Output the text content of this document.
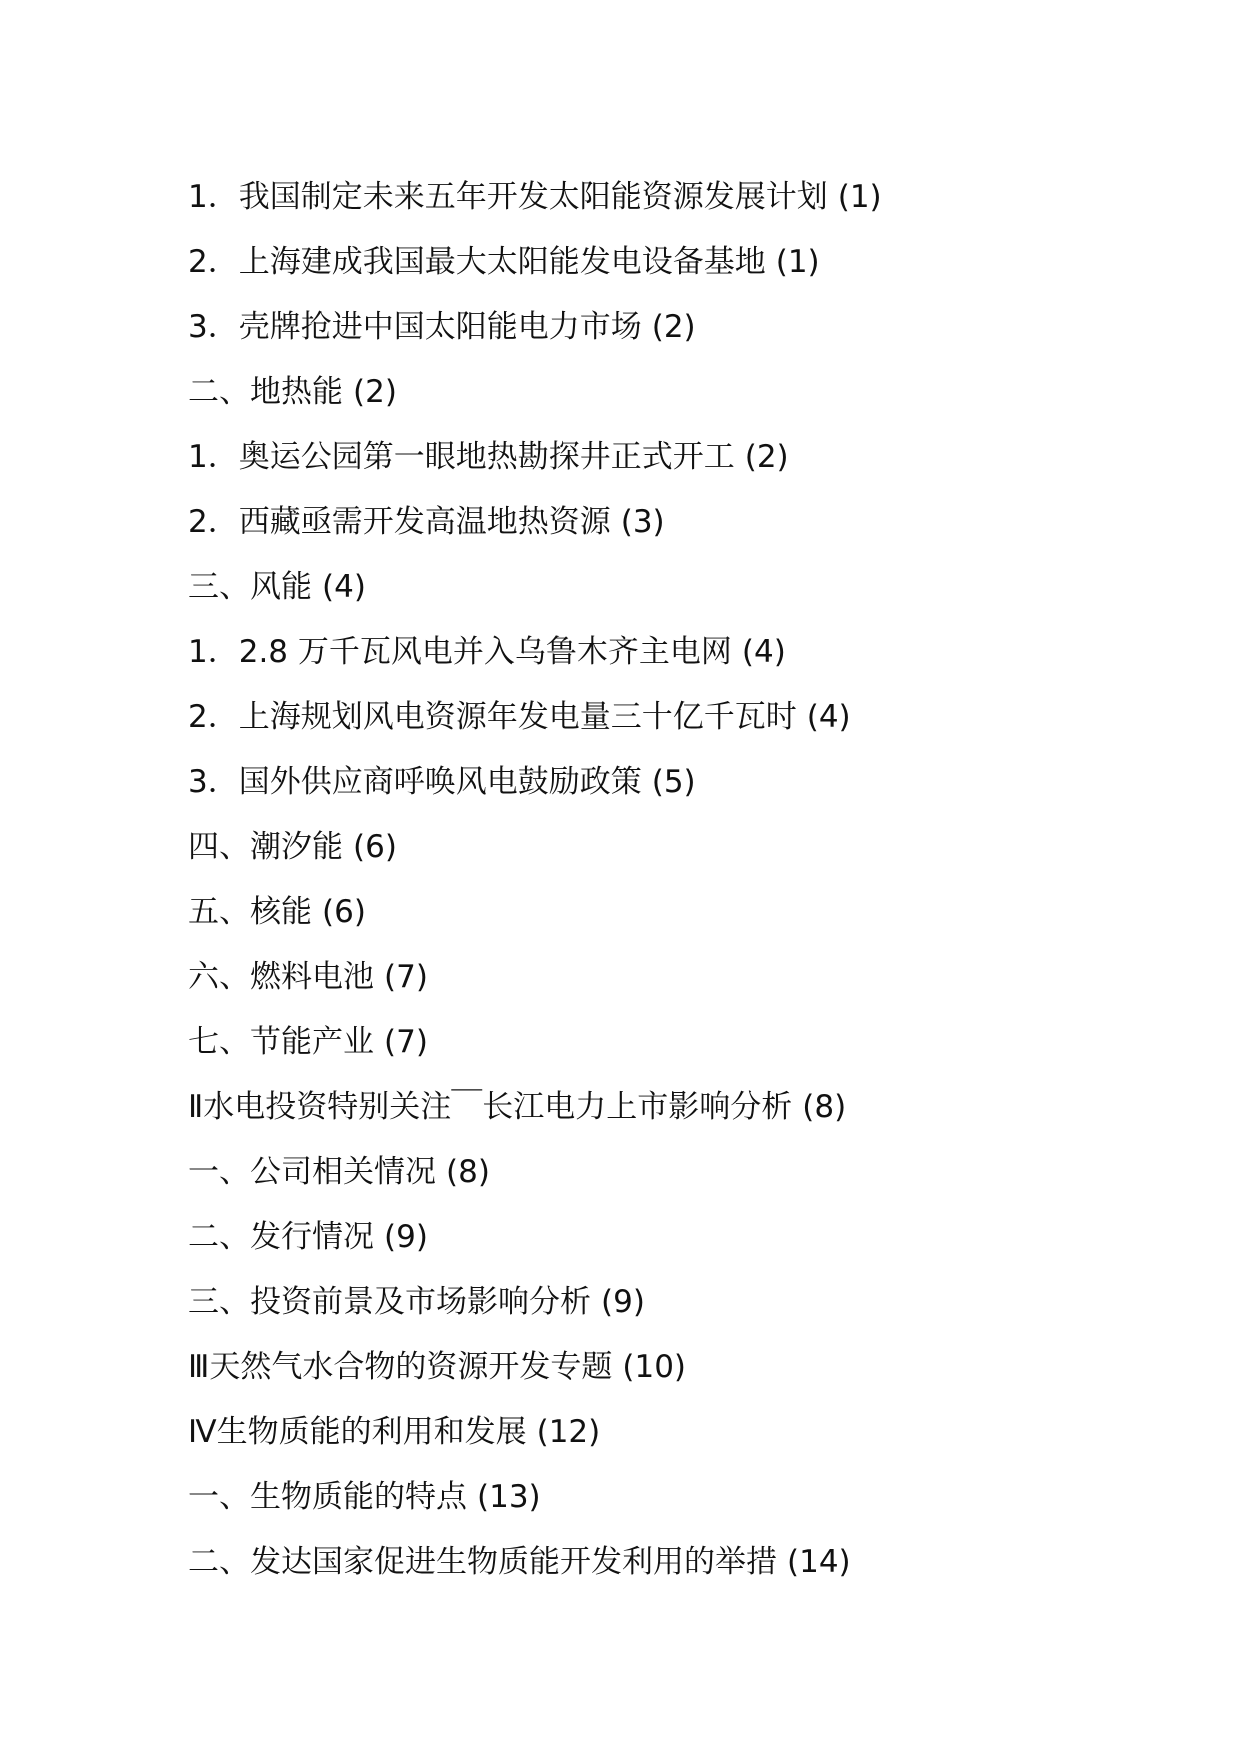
1．我国制定未来五年开发太阳能资源发展计划 (1)
2．上海建成我国最大太阳能发电设备基地 (1)
3．壳牌抢进中国太阳能电力市场 (2)
二、地热能 (2)
1．奥运公园第一眼地热勘探井正式开工 (2)
2．西藏亟需开发高温地热资源 (3)
三、风能 (4)
1．2.8 万千瓦风电并入乌鲁木齐主电网 (4)
2．上海规划风电资源年发电量三十亿千瓦时 (4)
3．国外供应商呼唤风电鼓励政策 (5)
四、潮汐能 (6)
五、核能 (6)
六、燃料电池 (7)
七、节能产业 (7)
Ⅱ水电投资特别关注￣长江电力上市影响分析 (8)
一、公司相关情况 (8)
二、发行情况 (9)
三、投资前景及市场影响分析 (9)
Ⅲ天然气水合物的资源开发专题 (10)
Ⅳ生物质能的利用和发展 (12)
一、生物质能的特点 (13)
二、发达国家促进生物质能开发利用的举措 (14)
